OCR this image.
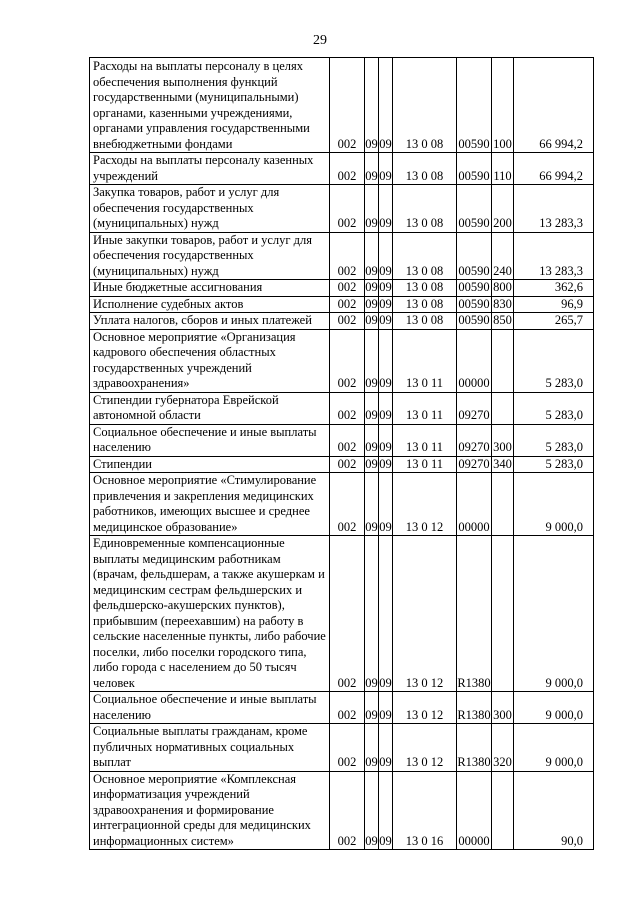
29
Расходы на выплаты персоналу в целях обеспечения выполнения функций государственными (муниципальными) органами, казенными учреждениями, органами управления государственными внебюджетными фондами	002	09	09	13 0 08	00590	100	66 994,2
Расходы на выплаты персоналу казенных учреждений	002	09	09	13 0 08	00590	110	66 994,2
Закупка товаров, работ и услуг для обеспечения государственных (муниципальных) нужд	002	09	09	13 0 08	00590	200	13 283,3
Иные закупки товаров, работ и услуг для обеспечения государственных (муниципальных) нужд	002	09	09	13 0 08	00590	240	13 283,3
Иные бюджетные ассигнования	002	09	09	13 0 08	00590	800	362,6
Исполнение судебных актов	002	09	09	13 0 08	00590	830	96,9
Уплата налогов, сборов и иных платежей	002	09	09	13 0 08	00590	850	265,7
Основное мероприятие «Организация кадрового обеспечения областных государственных учреждений здравоохранения»	002	09	09	13 0 11	00000		5 283,0
Стипендии губернатора Еврейской автономной области	002	09	09	13 0 11	09270		5 283,0
Социальное обеспечение и иные выплаты населению	002	09	09	13 0 11	09270	300	5 283,0
Стипендии	002	09	09	13 0 11	09270	340	5 283,0
Основное мероприятие «Стимулирование привлечения и закрепления медицинских работников, имеющих высшее и среднее медицинское образование»	002	09	09	13 0 12	00000		9 000,0
Единовременные компенсационные выплаты медицинским работникам (врачам, фельдшерам, а также акушеркам и медицинским сестрам фельдшерских и фельдшерско-акушерских пунктов), прибывшим (переехавшим) на работу в сельские населенные пункты, либо рабочие поселки, либо поселки городского типа, либо города с населением до 50 тысяч человек	002	09	09	13 0 12	R1380		9 000,0
Социальное обеспечение и иные выплаты населению	002	09	09	13 0 12	R1380	300	9 000,0
Социальные выплаты гражданам, кроме публичных нормативных социальных выплат	002	09	09	13 0 12	R1380	320	9 000,0
Основное мероприятие «Комплексная информатизация учреждений здравоохранения и формирование интеграционной среды для медицинских информационных систем»	002	09	09	13 0 16	00000		90,0
